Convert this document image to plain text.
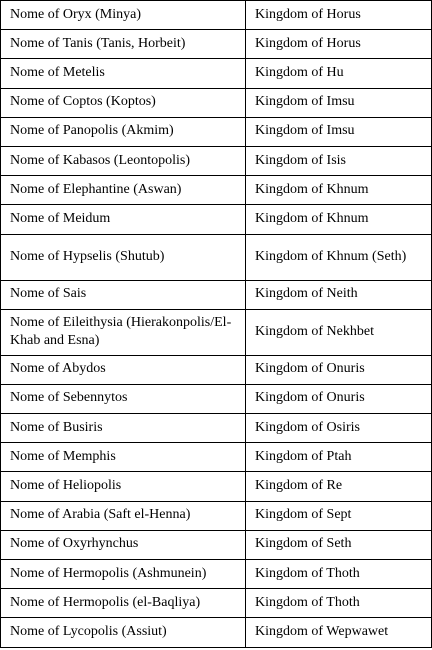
Nome of Oryx (Minya)	Kingdom of Horus
Nome of Tanis (Tanis, Horbeit)	Kingdom of Horus
Nome of Metelis	Kingdom of Hu
Nome of Coptos (Koptos)	Kingdom of Imsu
Nome of Panopolis (Akmim)	Kingdom of Imsu
Nome of Kabasos (Leontopolis)	Kingdom of Isis
Nome of Elephantine (Aswan)	Kingdom of Khnum
Nome of Meidum	Kingdom of Khnum
Nome of Hypselis (Shutub)	Kingdom of Khnum (Seth)
Nome of Sais	Kingdom of Neith
Nome of Eileithysia (Hierakonpolis/El-Khab and Esna)	Kingdom of Nekhbet
Nome of Abydos	Kingdom of Onuris
Nome of Sebennytos	Kingdom of Onuris
Nome of Busiris	Kingdom of Osiris
Nome of Memphis	Kingdom of Ptah
Nome of Heliopolis	Kingdom of Re
Nome of Arabia (Saft el-Henna)	Kingdom of Sept
Nome of Oxyrhynchus	Kingdom of Seth
Nome of Hermopolis (Ashmunein)	Kingdom of Thoth
Nome of Hermopolis (el-Baqliya)	Kingdom of Thoth
Nome of Lycopolis (Assiut)	Kingdom of Wepwawet
